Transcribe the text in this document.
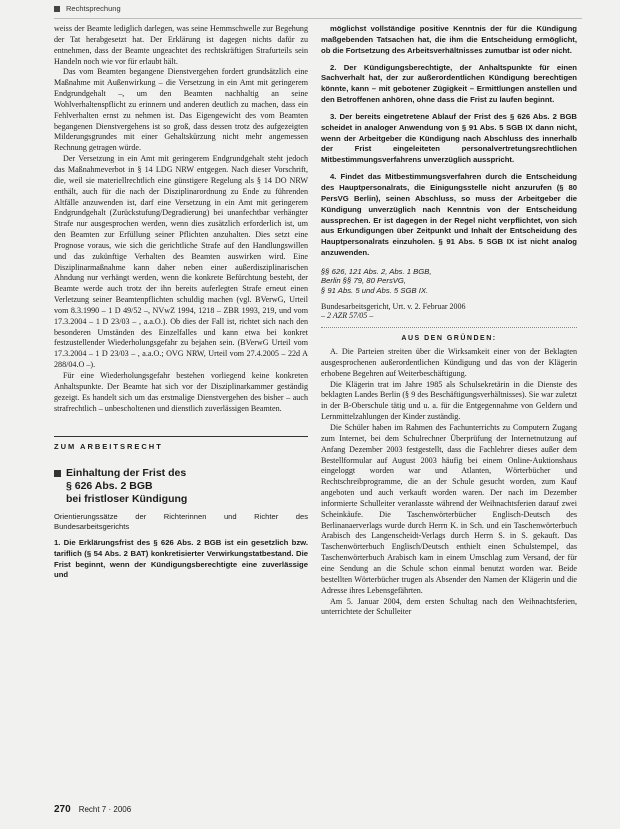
Rechtsprechung

weiss der Beamte lediglich darlegen, was seine Hemmschwelle zur Begehung der Tat herabgesetzt hat. Der Erklärung ist dagegen nichts dafür zu entnehmen, dass der Beamte ungeachtet des rechtskräftigen Strafurteils sein Handeln noch wie vor für erlaubt hält.

Das vom Beamten begangene Dienstvergehen fordert grundsätzlich eine Maßnahme mit Außenwirkung – die Versetzung in ein Amt mit geringerem Endgrundgehalt –, um den Beamten nachhaltig an seine Wohlverhaltenspflicht zu erinnern und anderen deutlich zu machen, dass ein Fehlverhalten ernst zu nehmen ist. Das Eigengewicht des vom Beamten begangenen Dienstvergehens ist so groß, dass dessen trotz des aufgezeigten Milderungsgrundes mit einer Gehaltskürzung nicht mehr angemessen Rechnung getragen würde.

Der Versetzung in ein Amt mit geringerem Endgrundgehalt steht jedoch das Maßnahmeverbot in § 14 LDG NRW entgegen. Nach dieser Vorschrift, die, weil sie materiellrechtlich eine günstigere Regelung als § 14 DO NRW enthält, auch für die nach der Disziplinarordnung zu Ende zu führenden Altfälle anzuwenden ist, darf eine Versetzung in ein Amt mit geringerem Endgrundgehalt (Zurückstufung/Degradierung) bei unanfechtbar verhängter Strafe nur ausgesprochen werden, wenn dies zusätzlich erforderlich ist, um den Beamten zur Erfüllung seiner Pflichten anzuhalten. Dies setzt eine Prognose voraus, wie sich die gerichtliche Strafe auf den Handlungswillen und das zukünftige Verhalten des Beamten auswirken wird. Eine Disziplinarmaßnahme kann daher neben einer außerdisziplinarischen Ahndung nur verhängt werden, wenn die konkrete Befürchtung besteht, der Beamte werde auch trotz der ihn bereits auferlegten Strafe erneut einen Verletzung seiner Beamtenpflichten schuldig machen (vgl. BVerwG, Urteil vom 8.3.1990 – 1 D 49/52 –, NVwZ 1994, 1218 – ZBR 1993, 219, und vom 17.3.2004 – 1 D 23/03 – , a.a.O.). Ob dies der Fall ist, richtet sich nach den besonderen Umständen des Einzelfalles und kann etwa bei konkret festzustellender Wiederholungsgefahr zu bejahen sein. (BVerwG Urteil vom 17.3.2004 – 1 D 23/03 – , a.a.O.; OVG NRW, Urteil vom 27.4.2005 – 22d A 288/04.O –).

Für eine Wiederholungsgefahr bestehen vorliegend keine konkreten Anhaltspunkte. Der Beamte hat sich vor der Disziplinarkammer geständig gezeigt. Es handelt sich um das erstmalige Dienstvergehen des bisher – auch strafrechtlich – unbescholtenen und dienstlich zuverlässigen Beamten.

ZUM ARBEITSRECHT
Einhaltung der Frist des
§ 626 Abs. 2 BGB
bei fristloser Kündigung
Orientierungssätze der Richterinnen und Richter des Bundesarbeitsgerichts
1. Die Erklärungsfrist des § 626 Abs. 2 BGB ist ein gesetzlich bzw. tariflich (§ 54 Abs. 2 BAT) konkretisierter Verwirkungstatbestand. Die Frist beginnt, wenn der Kündigungsberechtigte eine zuverlässige und

möglichst vollständige positive Kenntnis der für die Kündigung maßgebenden Tatsachen hat, die ihm die Entscheidung ermöglicht, ob die Fortsetzung des Arbeitsverhältnisses zumutbar ist oder nicht.

2. Der Kündigungsberechtigte, der Anhaltspunkte für einen Sachverhalt hat, der zur außerordentlichen Kündigung berechtigen könnte, kann – mit gebotener Zügigkeit – Ermittlungen anstellen und den Betroffenen anhören, ohne dass die Frist zu laufen beginnt.

3. Der bereits eingetretene Ablauf der Frist des § 626 Abs. 2 BGB scheidet in analoger Anwendung von § 91 Abs. 5 SGB IX dann nicht, wenn der Arbeitgeber die Kündigung nach Abschluss des innerhalb der Frist eingeleiteten personalvertretungsrechtlichen Mitbestimmungsverfahrens unverzüglich ausspricht.

4. Findet das Mitbestimmungsverfahren durch die Entscheidung des Hauptpersonalrats, die Einigungsstelle nicht anzurufen (§ 80 PersVG Berlin), seinen Abschluss, so muss der Arbeitgeber die Kündigung unverzüglich nach Kenntnis von der Entscheidung aussprechen. Er ist dagegen in der Regel nicht verpflichtet, von sich aus Erkundigungen über Zeitpunkt und Inhalt der Entscheidung des Hauptpersonalrats einzuholen. § 91 Abs. 5 SGB IX ist nicht analog anzuwenden.

§§ 626, 121 Abs. 2, Abs. 1 BGB,
Berlin §§ 79, 80 PersVG,
§ 91 Abs. 5 und Abs. 5 SGB IX.
Bundesarbeitsgericht, Urt. v. 2. Februar 2006
– 2 AZR 57/05 –
AUS DEN GRÜNDEN:

A. Die Parteien streiten über die Wirksamkeit einer von der Beklagten ausgesprochenen außerordentlichen Kündigung und das von der Klägerin erhobene Begehren auf Weiterbeschäftigung.

Die Klägerin trat im Jahre 1985 als Schulsekretärin in die Dienste des beklagten Landes Berlin (§ 9 des Beschäftigungsverhältnisses). Sie war zuletzt in der B-Oberschule tätig und u. a. für die Entgegennahme von Geldern und Lernmittelzahlungen der Kinder zuständig.

Die Schüler haben im Rahmen des Fachunterrichts zu Computern Zugang zum Internet, bei dem Schulrechner Überprüfung der Internetnutzung auf Anfang Dezember 2003 festgestellt, dass die Fachlehrer dieses außer dem Bestellformular auf August 2003 häufig bei einem Online-Auktionshaus eingeloggt worden war und Atlanten, Wörterbücher und Rechtschreibprogramme, die an der Schule gesucht worden, zum Kauf angeboten und auch verkauft worden waren. Der nach im Dezember informierte Schulleiter veranlasste während der Weihnachtsferien darauf zwei Scheinkäufe. Die Taschenwörterbücher Englisch-Deutsch des Berlinanaerverlags wurde durch Herrn K. in Sch. und ein Taschenwörterbuch Arabisch des Langenscheidt-Verlags durch Herrn S. in S. gekauft. Das Taschenwörterbuch Englisch/Deutsch enthielt einen Schulstempel, das Taschenwörterbuch Arabisch kam in einem Umschlag zum Versand, der für eine Sendung an die Schule schon einmal benutzt worden war. Beide bestellten Wörterbücher trugen als Absender den Namen der Klägerin und die Adresse ihres Lebensgefährten.

Am 5. Januar 2004, dem ersten Schultag nach den Weihnachtsferien, unterrichtete der Schulleiter

270 Recht 7 · 2006
